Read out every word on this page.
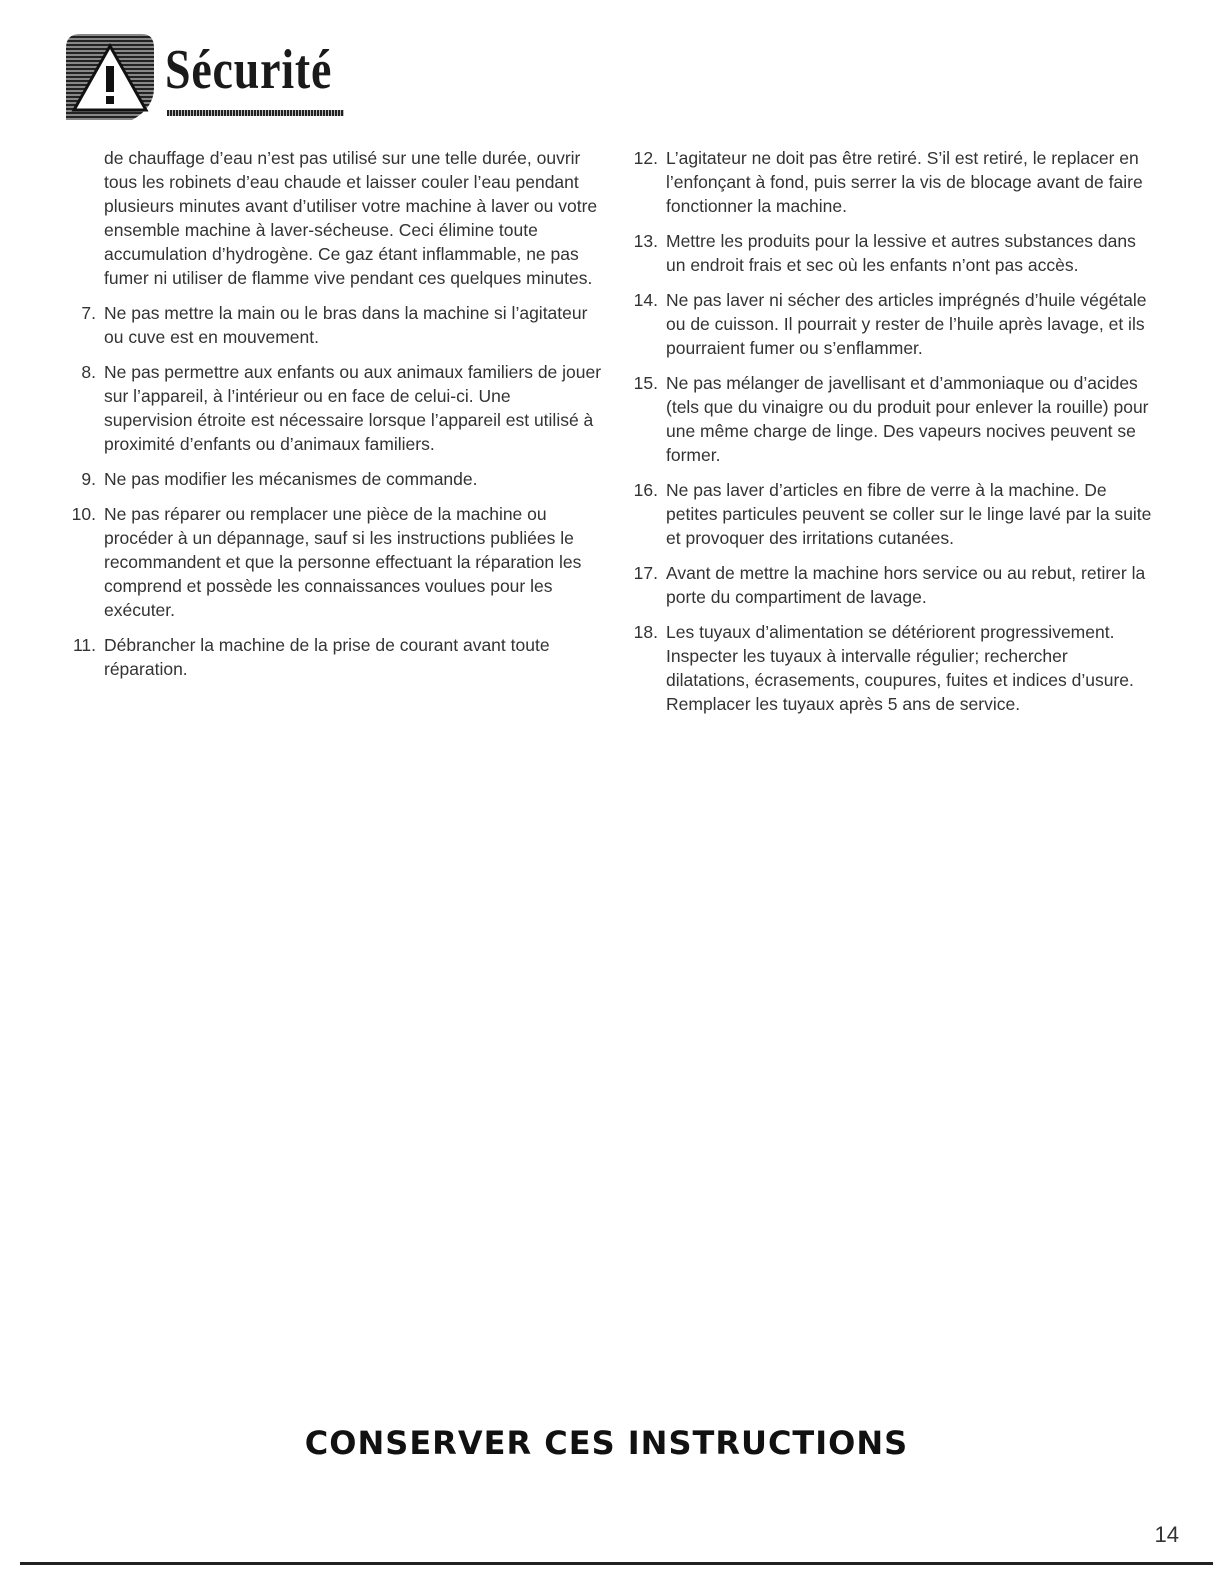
Sécurité

de chauffage d’eau n’est pas utilisé sur une telle durée, ouvrir tous les robinets d’eau chaude et laisser couler l’eau pendant plusieurs minutes avant d’utiliser votre machine à laver ou votre ensemble machine à laver-sécheuse. Ceci élimine toute accumulation d’hydrogène. Ce gaz étant inflammable, ne pas fumer ni utiliser de flamme vive pendant ces quelques minutes.

7. Ne pas mettre la main ou le bras dans la machine si l’agitateur ou cuve est en mouvement.
8. Ne pas permettre aux enfants ou aux animaux familiers de jouer sur l’appareil, à l’intérieur ou en face de celui-ci. Une supervision étroite est nécessaire lorsque l’appareil est utilisé à proximité d’enfants ou d’animaux familiers.
9. Ne pas modifier les mécanismes de commande.
10. Ne pas réparer ou remplacer une pièce de la machine ou procéder à un dépannage, sauf si les instructions publiées le recommandent et que la personne effectuant la réparation les comprend et possède les connaissances voulues pour les exécuter.
11. Débrancher la machine de la prise de courant avant toute réparation.
12. L’agitateur ne doit pas être retiré. S’il est retiré, le replacer en l’enfonçant à fond, puis serrer la vis de blocage avant de faire fonctionner la machine.
13. Mettre les produits pour la lessive et autres substances dans un endroit frais et sec où les enfants n’ont pas accès.
14. Ne pas laver ni sécher des articles imprégnés d’huile végétale ou de cuisson. Il pourrait y rester de l’huile après lavage, et ils pourraient fumer ou s’enflammer.
15. Ne pas mélanger de javellisant et d’ammoniaque ou d’acides (tels que du vinaigre ou du produit pour enlever la rouille) pour une même charge de linge. Des vapeurs nocives peuvent se former.
16. Ne pas laver d’articles en fibre de verre à la machine. De petites particules peuvent se coller sur le linge lavé par la suite et provoquer des irritations cutanées.
17. Avant de mettre la machine hors service ou au rebut, retirer la porte du compartiment de lavage.
18. Les tuyaux d’alimentation se détériorent progressivement. Inspecter les tuyaux à intervalle régulier; rechercher dilatations, écrasements, coupures, fuites et indices d’usure. Remplacer les tuyaux après 5 ans de service.
CONSERVER CES INSTRUCTIONS
14
